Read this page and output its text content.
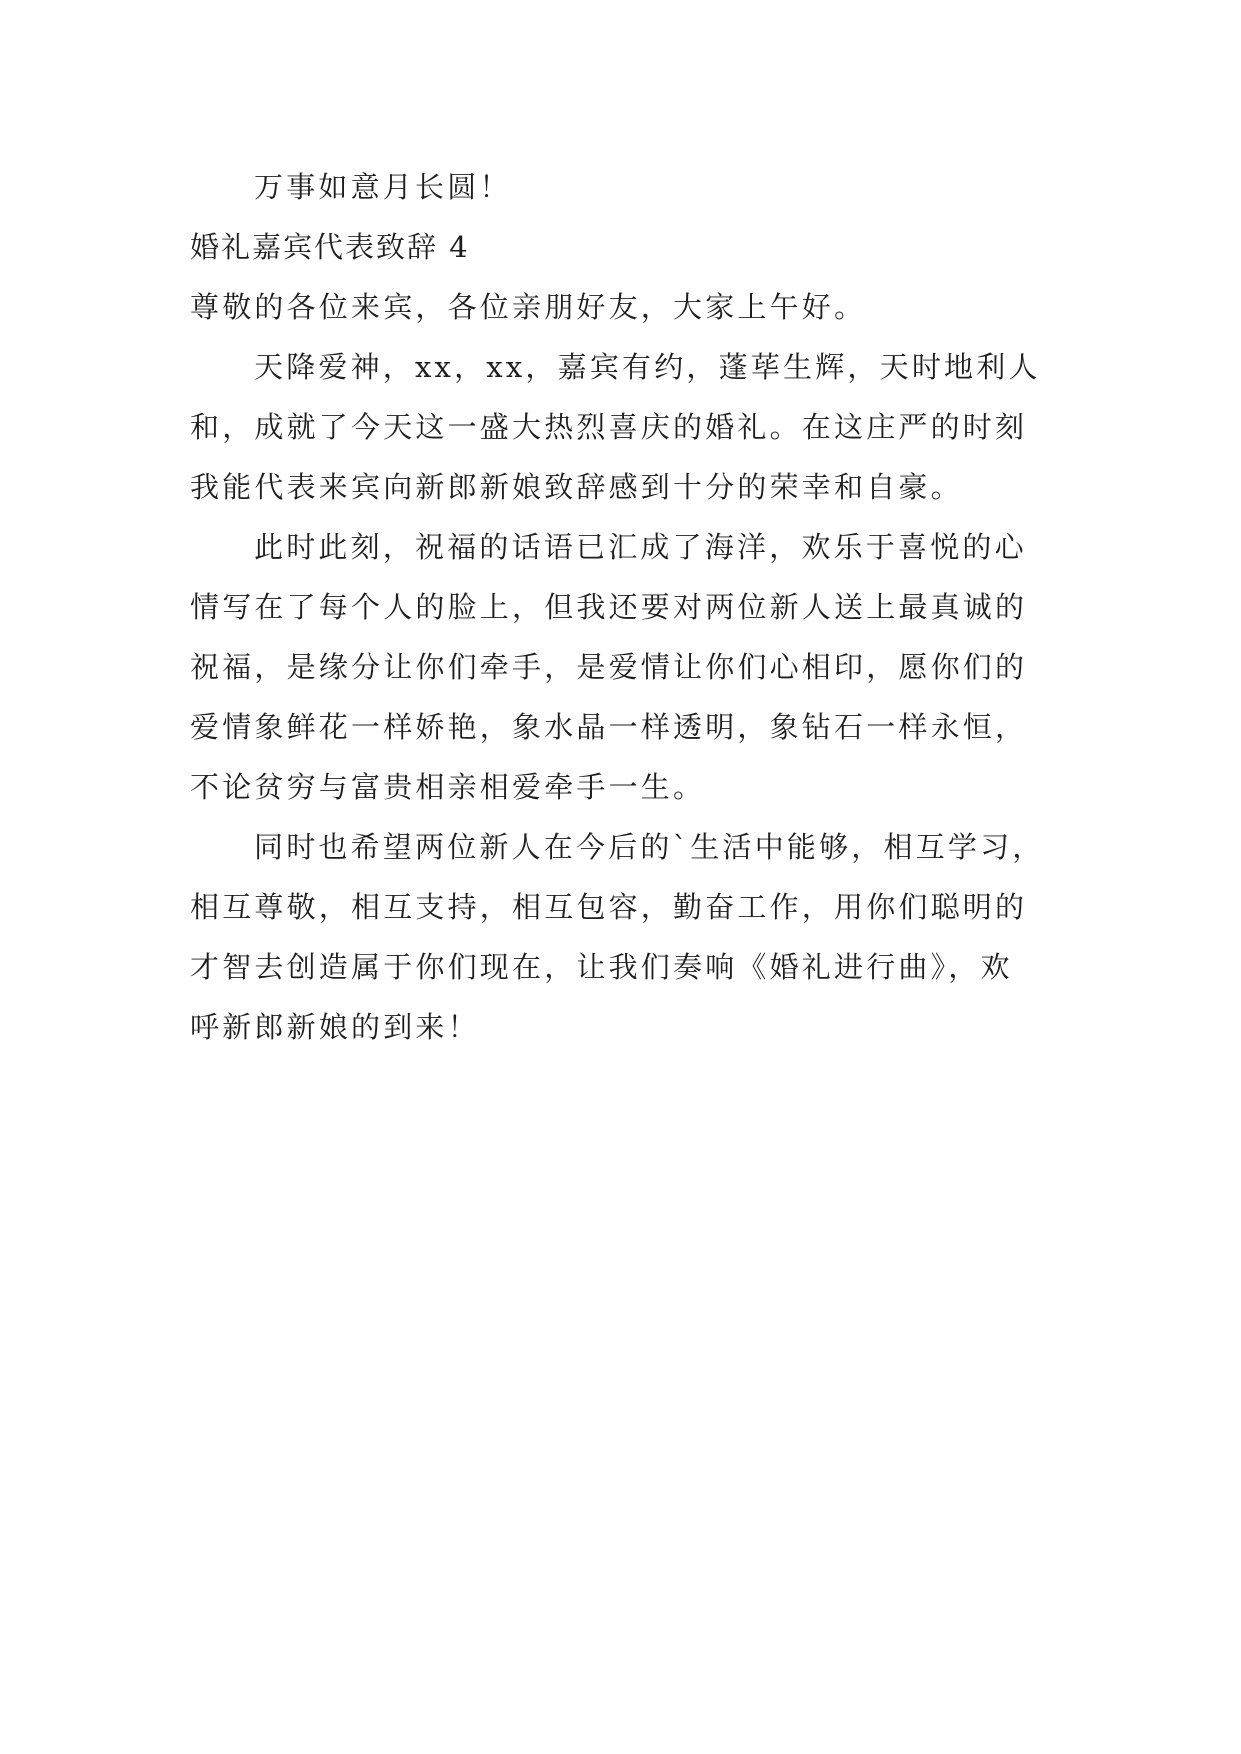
万事如意月长圆！
婚礼嘉宾代表致辞 4
尊敬的各位来宾，各位亲朋好友，大家上午好。
天降爱神，xx，xx，嘉宾有约，蓬荜生辉，天时地利人
和，成就了今天这一盛大热烈喜庆的婚礼。在这庄严的时刻
我能代表来宾向新郎新娘致辞感到十分的荣幸和自豪。
此时此刻，祝福的话语已汇成了海洋，欢乐于喜悦的心
情写在了每个人的脸上，但我还要对两位新人送上最真诚的
祝福，是缘分让你们牵手，是爱情让你们心相印，愿你们的
爱情象鲜花一样娇艳，象水晶一样透明，象钻石一样永恒，
不论贫穷与富贵相亲相爱牵手一生。
同时也希望两位新人在今后的`生活中能够，相互学习，
相互尊敬，相互支持，相互包容，勤奋工作，用你们聪明的
才智去创造属于你们现在，让我们奏响《婚礼进行曲》，欢
呼新郎新娘的到来！
